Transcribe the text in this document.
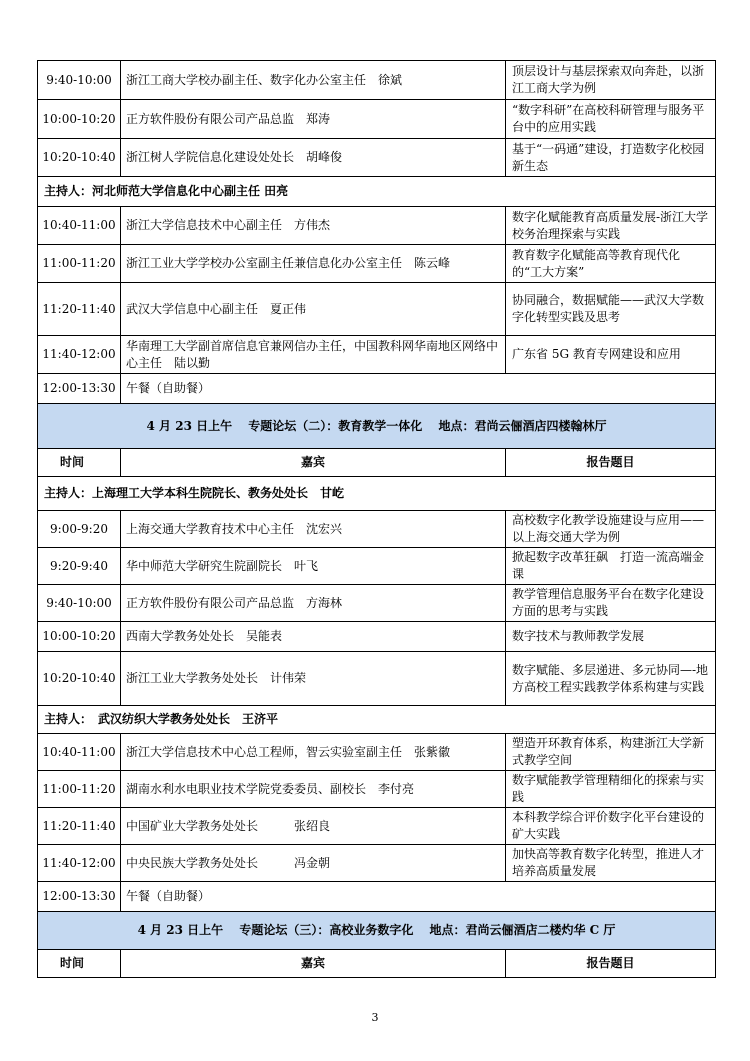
9:40-10:00	浙江工商大学校办副主任、数字化办公室主任　徐斌	顶层设计与基层探索双向奔赴，以浙江工商大学为例
10:00-10:20	正方软件股份有限公司产品总监　郑涛	“数字科研”在高校科研管理与服务平台中的应用实践
10:20-10:40	浙江树人学院信息化建设处处长　胡峰俊	基于“一码通”建设，打造数字化校园新生态
主持人：河北师范大学信息化中心副主任 田亮		
10:40-11:00	浙江大学信息技术中心副主任　方伟杰	数字化赋能教育高质量发展-浙江大学校务治理探索与实践
11:00-11:20	浙江工业大学学校办公室副主任兼信息化办公室主任　陈云峰	教育数字化赋能高等教育现代化的“工大方案”
11:20-11:40	武汉大学信息中心副主任　夏正伟	协同融合，数据赋能——武汉大学数字化转型实践及思考
11:40-12:00	华南理工大学副首席信息官兼网信办主任，中国教科网华南地区网络中心主任　陆以勤	广东省 5G 教育专网建设和应用
12:00-13:30	午餐（自助餐）	
4 月 23 日上午　 专题论坛（二）：教育教学一体化　 地点：君尚云俪酒店四楼翰林厅		
时间	嘉宾	报告题目
主持人：上海理工大学本科生院院长、教务处处长　甘屹		
9:00-9:20	上海交通大学教育技术中心主任　沈宏兴	高校数字化教学设施建设与应用——以上海交通大学为例
9:20-9:40	华中师范大学研究生院副院长　叶飞	掀起数字改革狂飙　打造一流高端金课
9:40-10:00	正方软件股份有限公司产品总监　方海林	教学管理信息服务平台在数字化建设方面的思考与实践
10:00-10:20	西南大学教务处处长　吴能表	数字技术与教师教学发展
10:20-10:40	浙江工业大学教务处处长　计伟荣	数字赋能、多层递进、多元协同—-地方高校工程实践教学体系构建与实践
主持人：　武汉纺织大学教务处处长　王济平		
10:40-11:00	浙江大学信息技术中心总工程师，智云实验室副主任　张紫徽	塑造开环教育体系，构建浙江大学新式教学空间
11:00-11:20	湖南水利水电职业技术学院党委委员、副校长　李付亮	数字赋能教学管理精细化的探索与实践
11:20-11:40	中国矿业大学教务处处长　　　张绍良	本科教学综合评价数字化平台建设的矿大实践
11:40-12:00	中央民族大学教务处处长　　　冯金朝	加快高等教育数字化转型，推进人才培养高质量发展
12:00-13:30	午餐（自助餐）	
4 月 23 日上午　 专题论坛（三）：高校业务数字化　 地点：君尚云俪酒店二楼灼华 C 厅		
时间	嘉宾	报告题目
3
